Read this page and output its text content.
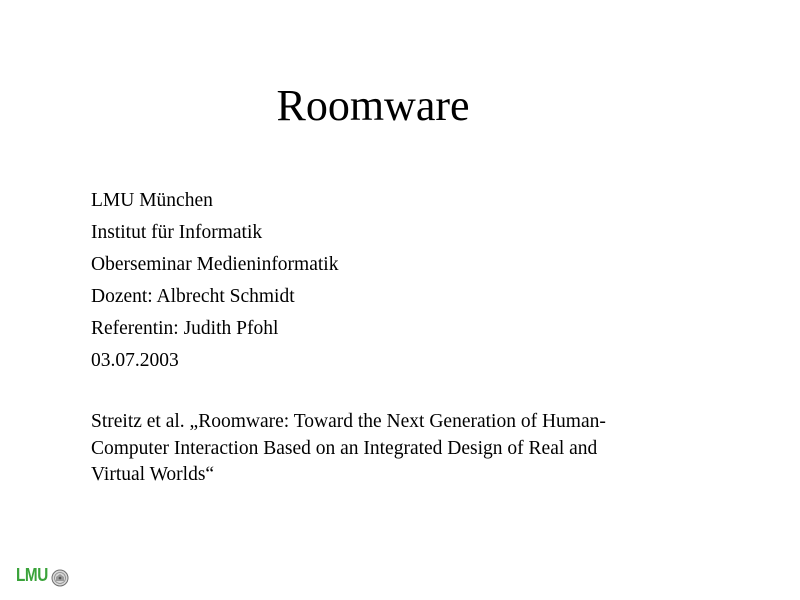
Roomware
LMU München
Institut für Informatik
Oberseminar Medieninformatik
Dozent: Albrecht Schmidt
Referentin: Judith Pfohl
03.07.2003
Streitz et al. „Roomware: Toward the Next Generation of Human-
Computer Interaction Based on an Integrated Design of Real and
Virtual Worlds“
LMU
